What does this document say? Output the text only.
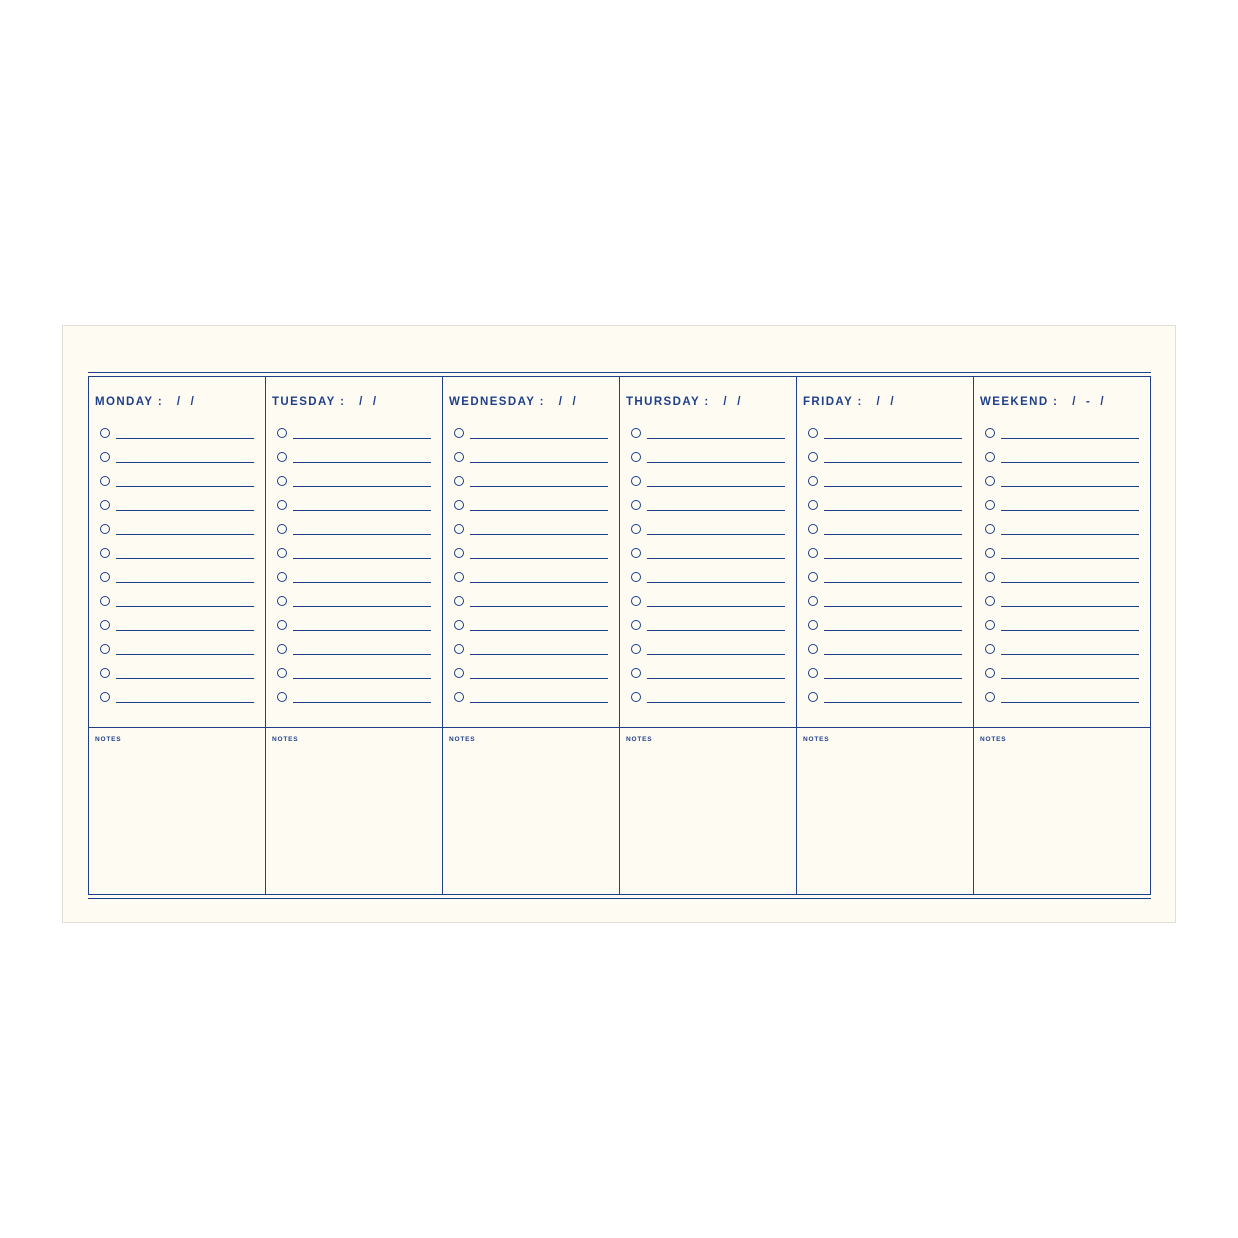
MONDAY :   /  /
NOTES
TUESDAY :   /  /
NOTES
WEDNESDAY :   /  /
NOTES
THURSDAY :   /  /
NOTES
FRIDAY :   /  /
NOTES
WEEKEND :   /  -  /
NOTES
